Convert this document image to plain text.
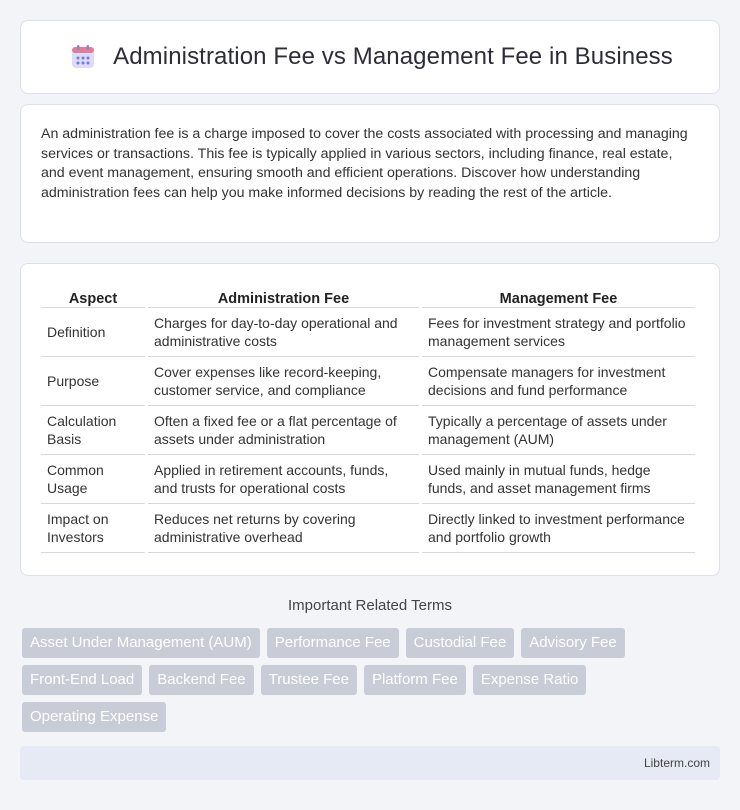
Administration Fee vs Management Fee in Business

An administration fee is a charge imposed to cover the costs associated with processing and managing services or transactions. This fee is typically applied in various sectors, including finance, real estate, and event management, ensuring smooth and efficient operations. Discover how understanding administration fees can help you make informed decisions by reading the rest of the article.

Aspect	Administration Fee	Management Fee
Definition	Charges for day-to-day operational and administrative costs	Fees for investment strategy and portfolio management services
Purpose	Cover expenses like record-keeping, customer service, and compliance	Compensate managers for investment decisions and fund performance
Calculation Basis	Often a fixed fee or a flat percentage of assets under administration	Typically a percentage of assets under management (AUM)
Common Usage	Applied in retirement accounts, funds, and trusts for operational costs	Used mainly in mutual funds, hedge funds, and asset management firms
Impact on Investors	Reduces net returns by covering administrative overhead	Directly linked to investment performance and portfolio growth
Important Related Terms
Asset Under Management (AUM)	Performance Fee	Custodial Fee	Advisory Fee
Front-End Load	Backend Fee	Trustee Fee	Platform Fee	Expense Ratio
Operating Expense
Libterm.com
